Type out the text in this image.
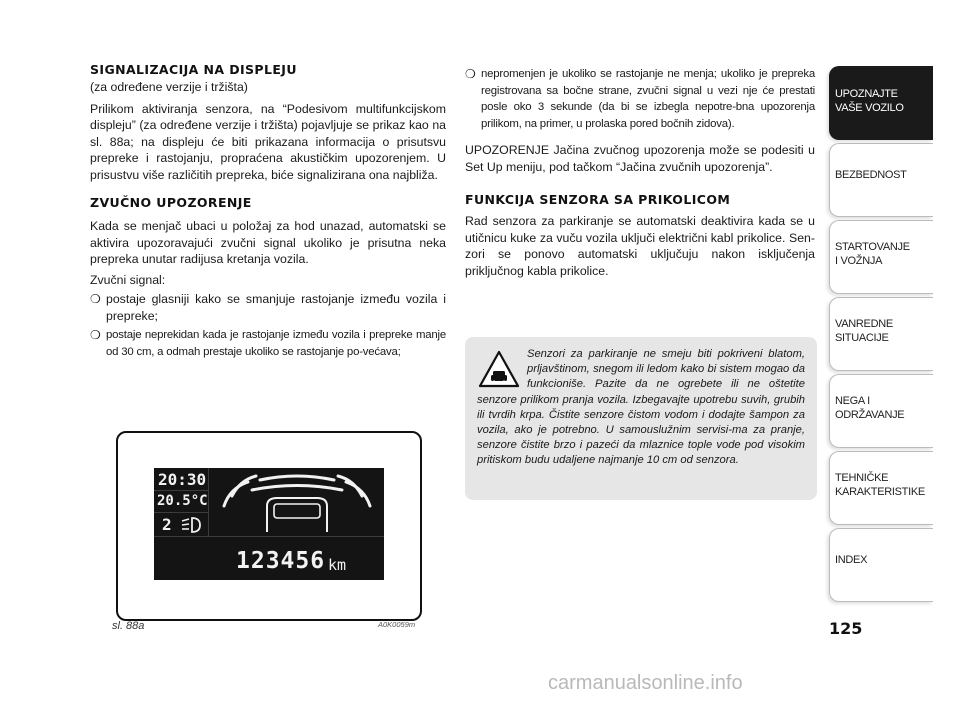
SIGNALIZACIJA NA DISPLEJU

(za određene verzije i tržišta)

Prilikom aktiviranja senzora, na “Podesivom multifunkcijskom displeju” (za određene verzije i tržišta) pojavljuje se prikaz kao na sl. 88a; na displeju će biti prikazana informacija o prisutsvu prepreke i rastojanju, propraćena akustičkim upozorenjem. U prisustvu više različitih prepreka, biće signalizirana ona najbliža.

ZVUČNO UPOZORENJE

Kada se menjač ubaci u položaj za hod unazad, automatski se aktivira upozoravajući zvučni signal ukoliko je prisutna neka prepreka unutar radijusa kretanja vozila.

Zvučni signal:

❍ postaje glasniji kako se smanjuje rastojanje između vozila i prepreke;
❍ postaje neprekidan kada je rastojanje između vozila i prepreke manje od 30 cm, a odmah prestaje ukoliko se rastojanje po-većava;
❍ nepromenjen je ukoliko se rastojanje ne menja; ukoliko je prepreka registrovana sa bočne strane, zvučni signal u vezi nje će prestati posle oko 3 sekunde (da bi se izbegla nepotre-bna upozorenja prilikom, na primer, u prolaska pored bočnih zidova).

UPOZORENJE Jačina zvučnog upozorenja može se podesiti u Set Up meniju, pod tačkom “Jačina zvučnih upozorenja”.

FUNKCIJA SENZORA SA PRIKOLICOM

Rad senzora za parkiranje se automatski deaktivira kada se u utičnicu kuke za vuču vozila uključi električni kabl prikolice. Sen-zori se ponovo automatski uključuju nakon isključenja priključnog kabla prikolice.

Senzori za parkiranje ne smeju biti pokriveni blatom, prljavštinom, snegom ili ledom kako bi sistem mogao da funkcioniše. Pazite da ne ogrebete ili ne oštetite senzore prilikom pranja vozila. Izbegavajte upotrebu suvih, grubih ili tvrdih krpa. Čistite senzore čistom vodom i dodajte šampon za vozila, ako je potrebno. U samouslužnim servisi-ma za pranje, senzore čistite brzo i pazeći da mlaznice tople vode pod visokim pritiskom budu udaljene najmanje 10 cm od senzora.

20:30
20.5°C
2
123456 km
sl. 88a	A0K0059m
UPOZNAJTE
VAŠE VOZILO
BEZBEDNOST
STARTOVANJE
I VOŽNJA
VANREDNE
SITUACIJE
NEGA I
ODRŽAVANJE
TEHNIČKE
KARAKTERISTIKE
INDEX
125
carmanualsonline.info
